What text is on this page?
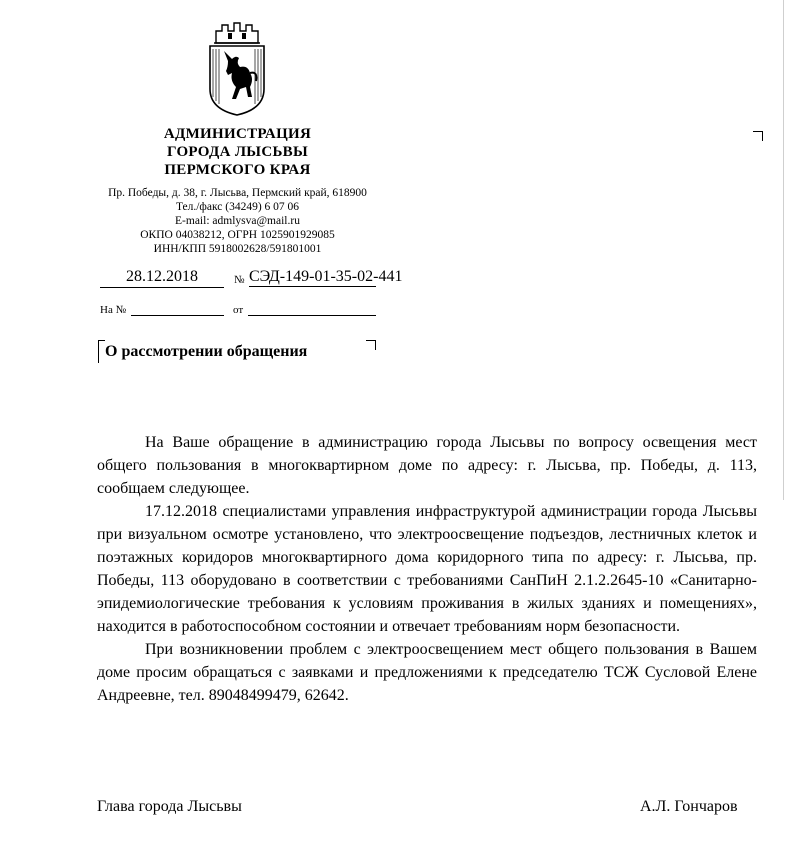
АДМИНИСТРАЦИЯ
ГОРОДА ЛЫСЬВЫ
ПЕРМСКОГО КРАЯ
Пр. Победы, д. 38, г. Лысьва, Пермский край, 618900
Тел./факс (34249) 6 07 06
E-mail: admlysva@mail.ru
ОКПО 04038212, ОГРН 1025901929085
ИНН/КПП 5918002628/591801001
28.12.2018	№ СЭД-149-01-35-02-441
На №	от
О рассмотрении обращения

На Ваше обращение в администрацию города Лысьвы по вопросу освещения мест общего пользования в многоквартирном доме по адресу: г. Лысьва, пр. Победы, д. 113, сообщаем следующее.

17.12.2018 специалистами управления инфраструктурой администрации города Лысьвы при визуальном осмотре установлено, что электроосвещение подъездов, лестничных клеток и поэтажных коридоров многоквартирного дома коридорного типа по адресу: г. Лысьва, пр. Победы, 113 оборудовано в соответствии с требованиями СанПиН 2.1.2.2645-10 «Санитарно-эпидемиологические требования к условиям проживания в жилых зданиях и помещениях», находится в работоспособном состоянии и отвечает требованиям норм безопасности.

При возникновении проблем с электроосвещением мест общего пользования в Вашем доме просим обращаться с заявками и предложениями к председателю ТСЖ Сусловой Елене Андреевне, тел. 89048499479, 62642.

Глава города Лысьвы	А.Л. Гончаров
